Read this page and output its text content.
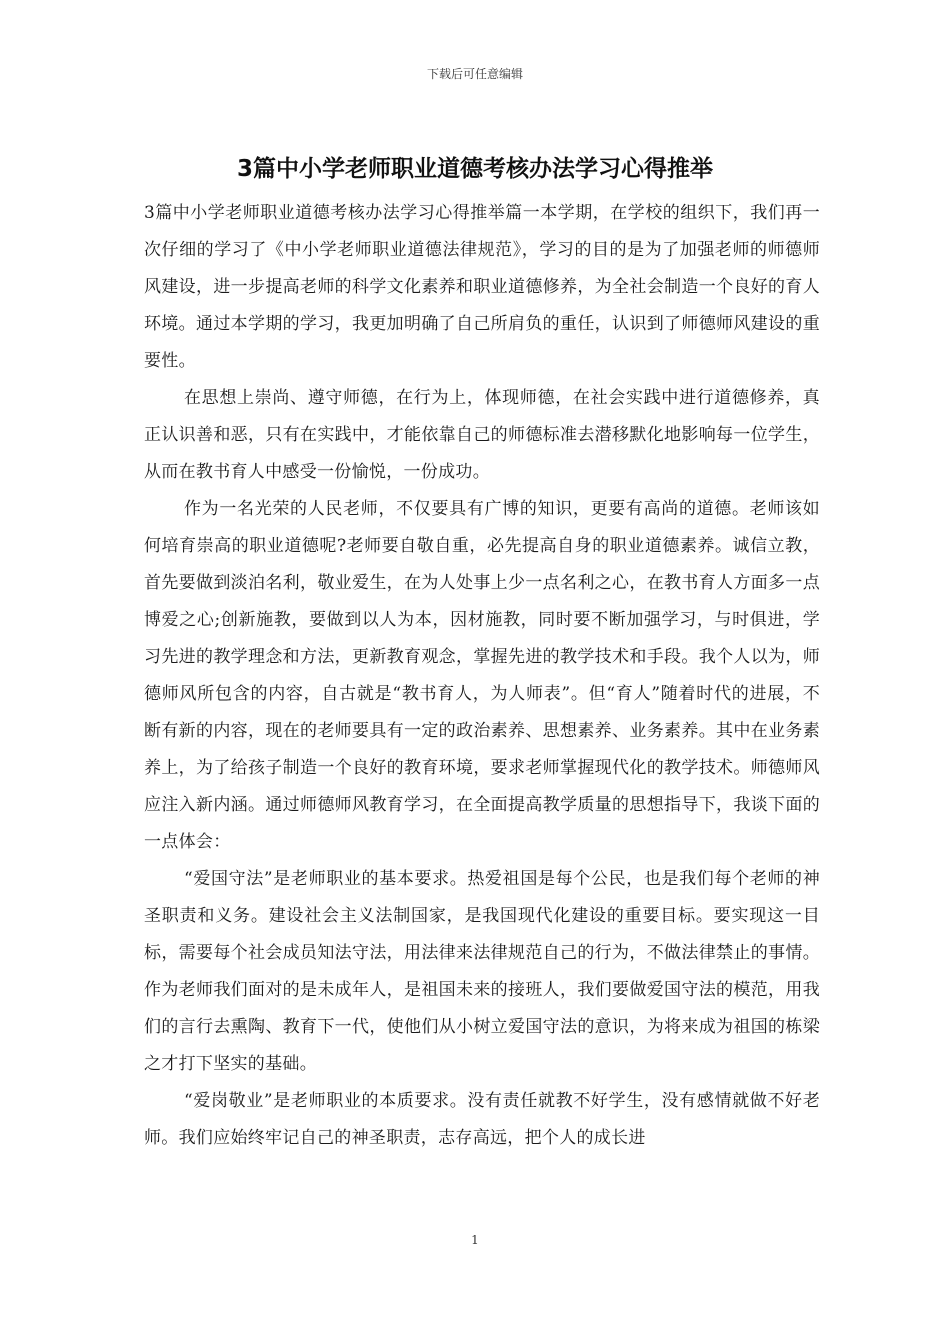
下载后可任意编辑
3篇中小学老师职业道德考核办法学习心得推举

3篇中小学老师职业道德考核办法学习心得推举篇一本学期，在学校的组织下，我们再一次仔细的学习了《中小学老师职业道德法律规范》，学习的目的是为了加强老师的师德师风建设，进一步提高老师的科学文化素养和职业道德修养，为全社会制造一个良好的育人环境。通过本学期的学习，我更加明确了自己所肩负的重任，认识到了师德师风建设的重要性。

在思想上崇尚、遵守师德，在行为上，体现师德，在社会实践中进行道德修养，真正认识善和恶，只有在实践中，才能依靠自己的师德标准去潜移默化地影响每一位学生，从而在教书育人中感受一份愉悦，一份成功。

作为一名光荣的人民老师，不仅要具有广博的知识，更要有高尚的道德。老师该如何培育崇高的职业道德呢?老师要自敬自重，必先提高自身的职业道德素养。诚信立教，首先要做到淡泊名利，敬业爱生，在为人处事上少一点名利之心，在教书育人方面多一点博爱之心;创新施教，要做到以人为本，因材施教，同时要不断加强学习，与时俱进，学习先进的教学理念和方法，更新教育观念，掌握先进的教学技术和手段。我个人以为，师德师风所包含的内容，自古就是“教书育人，为人师表”。但“育人”随着时代的进展，不断有新的内容，现在的老师要具有一定的政治素养、思想素养、业务素养。其中在业务素养上，为了给孩子制造一个良好的教育环境，要求老师掌握现代化的教学技术。师德师风应注入新内涵。通过师德师风教育学习，在全面提高教学质量的思想指导下，我谈下面的一点体会：

“爱国守法”是老师职业的基本要求。热爱祖国是每个公民，也是我们每个老师的神圣职责和义务。建设社会主义法制国家，是我国现代化建设的重要目标。要实现这一目标，需要每个社会成员知法守法，用法律来法律规范自己的行为，不做法律禁止的事情。作为老师我们面对的是未成年人，是祖国未来的接班人，我们要做爱国守法的模范，用我们的言行去熏陶、教育下一代，使他们从小树立爱国守法的意识，为将来成为祖国的栋梁之才打下坚实的基础。

“爱岗敬业”是老师职业的本质要求。没有责任就教不好学生，没有感情就做不好老师。我们应始终牢记自己的神圣职责，志存高远，把个人的成长进

1
